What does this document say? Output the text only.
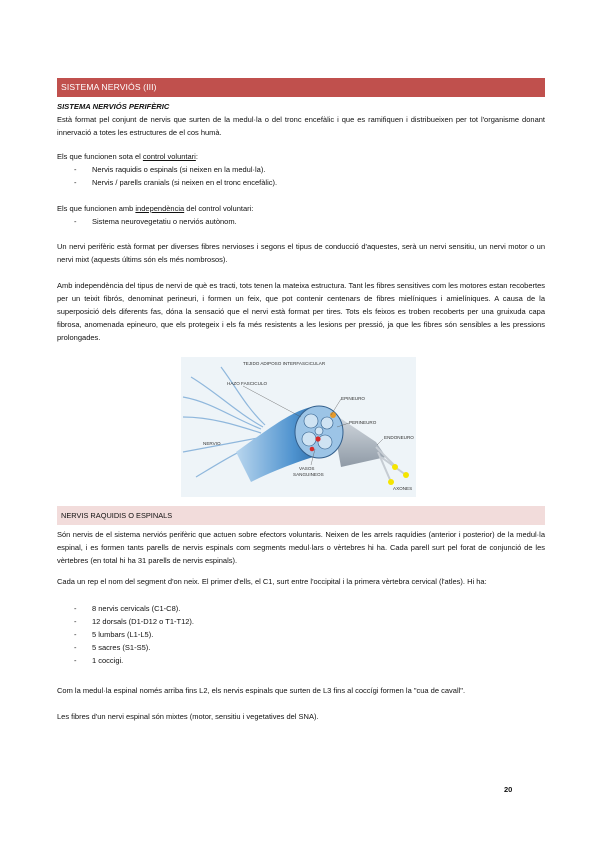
SISTEMA NERVIÓS (III)

SISTEMA NERVIÓS PERIFÈRIC

Està format pel conjunt de nervis que surten de la medul·la o del tronc encefàlic i que es ramifiquen i distribueixen per tot l'organisme donant innervació a totes les estructures de el cos humà.

Els que funcionen sota el control voluntari:

- Nervis raquidis o espinals (si neixen en la medul·la).
- Nervis / parells cranials (si neixen en el tronc encefàlic).

Els que funcionen amb independència del control voluntari:

- Sistema neurovegetatiu o nerviós autònom.
Un nervi perifèric està format per diverses fibres nervioses i segons el tipus de conducció d'aquestes, serà un nervi sensitiu, un nervi motor o un nervi mixt (aquests últims són els més nombrosos).
Amb independència del tipus de nervi de què es tracti, tots tenen la mateixa estructura. Tant les fibres sensitives com les motores estan recobertes per un teixit fibrós, denominat perineuri, i formen un feix, que pot contenir centenars de fibres mielíniques i amielíniques. A causa de la superposició dels diferents fas, dóna la sensació que el nervi està format per tires. Tots els feixos es troben recoberts per una gruixuda capa fibrosa, anomenada epineuro, que els protegeix i els fa més resistents a les lesions per pressió, ja que les fibres són sensibles a les pressions prolongades.
TEJIDO ADIPOSO INTERFASCICULAR
HAZO FASCICULO
EPINEURO
PERINEURO
NERVIO
ENDONEURO
VASOS
SANGUINEOS
AXONES
NERVIS RAQUIDIS O ESPINALS
Són nervis de el sistema nerviós perifèric que actuen sobre efectors voluntaris. Neixen de les arrels raquídies (anterior i posterior) de la medul·la espinal, i es formen tants parells de nervis espinals com segments medul·lars o vèrtebres hi ha. Cada parell surt pel forat de conjunció de les vèrtebres (en total hi ha 31 parells de nervis espinals).
Cada un rep el nom del segment d'on neix. El primer d'ells, el C1, surt entre l'occipital i la primera vèrtebra cervical (l'atles). Hi ha:
- 8 nervis cervicals (C1-C8).
- 12 dorsals (D1-D12 o T1-T12).
- 5 lumbars (L1-L5).
- 5 sacres (S1-S5).
- 1 coccigi.
Com la medul·la espinal només arriba fins L2, els nervis espinals que surten de L3 fins al coccígi formen la "cua de cavall".
Les fibres d'un nervi espinal són mixtes (motor, sensitiu i vegetatives del SNA).
20
